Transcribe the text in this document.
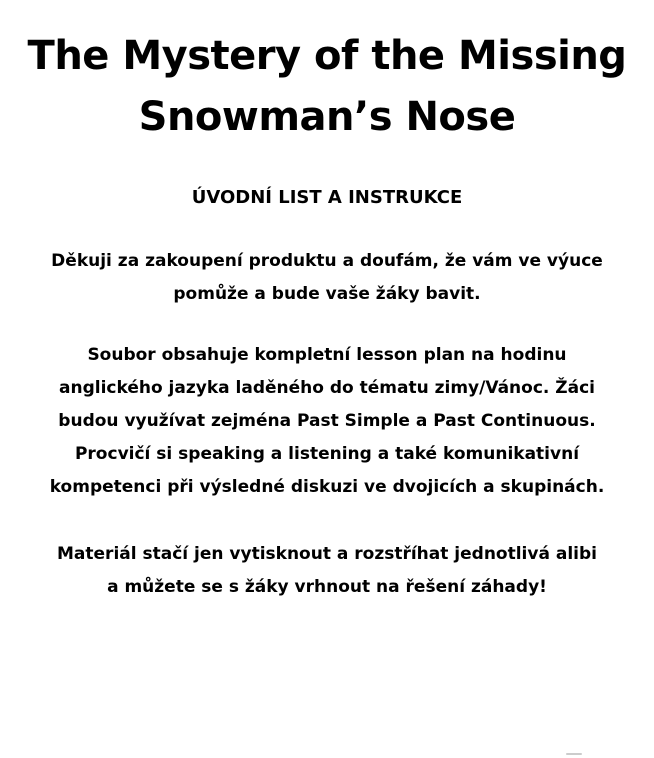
The Mystery of the Missing
Snowman’s Nose
ÚVODNÍ LIST A INSTRUKCE

Děkuji za zakoupení produktu a doufám, že vám ve výuce
pomůže a bude vaše žáky bavit.

Soubor obsahuje kompletní lesson plan na hodinu
anglického jazyka laděného do tématu zimy/Vánoc. Žáci
budou využívat zejména Past Simple a Past Continuous.
Procvičí si speaking a listening a také komunikativní
kompetenci při výsledné diskuzi ve dvojicích a skupinách.

Materiál stačí jen vytisknout a rozstříhat jednotlivá alibi
a můžete se s žáky vrhnout na řešení záhady!
